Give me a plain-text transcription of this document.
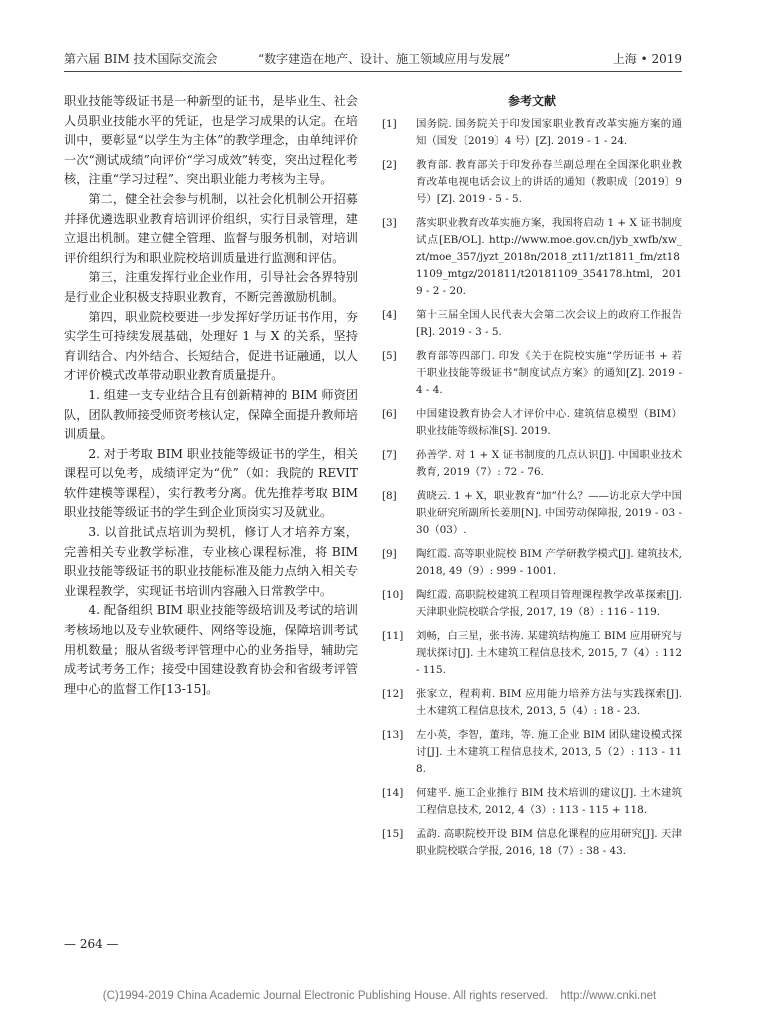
第六届 BIM 技术国际交流会	“数字建造在地产、设计、施工领域应用与发展”	上海 • 2019

职业技能等级证书是一种新型的证书，是毕业生、社会人员职业技能水平的凭证，也是学习成果的认定。在培训中，要彰显“以学生为主体”的教学理念，由单纯评价一次“测试成绩”向评价“学习成效”转变，突出过程化考核，注重“学习过程”、突出职业能力考核为主导。

第二，健全社会参与机制，以社会化机制公开招募并择优遴选职业教育培训评价组织，实行目录管理，建立退出机制。建立健全管理、监督与服务机制，对培训评价组织行为和职业院校培训质量进行监测和评估。

第三，注重发挥行业企业作用，引导社会各界特别是行业企业积极支持职业教育，不断完善激励机制。

第四，职业院校要进一步发挥好学历证书作用，夯实学生可持续发展基础，处理好 1 与 X 的关系，坚持育训结合、内外结合、长短结合，促进书证融通，以人才评价模式改革带动职业教育质量提升。

1. 组建一支专业结合且有创新精神的 BIM 师资团队，团队教师接受师资考核认定，保障全面提升教师培训质量。

2. 对于考取 BIM 职业技能等级证书的学生，相关课程可以免考，成绩评定为“优”（如：我院的 REVIT 软件建模等课程），实行教考分离。优先推荐考取 BIM 职业技能等级证书的学生到企业顶岗实习及就业。

3. 以首批试点培训为契机，修订人才培养方案，完善相关专业教学标准，专业核心课程标准，将 BIM 职业技能等级证书的职业技能标准及能力点纳入相关专业课程教学，实现证书培训内容融入日常教学中。

4. 配备组织 BIM 职业技能等级培训及考试的培训考核场地以及专业软硬件、网络等设施，保障培训考试用机数量；服从省级考评管理中心的业务指导，辅助完成考试考务工作；接受中国建设教育协会和省级考评管理中心的监督工作[13-15]。

参考文献
[1] 国务院. 国务院关于印发国家职业教育改革实施方案的通知（国发〔2019〕4 号）[Z]. 2019 - 1 - 24.
[2] 教育部. 教育部关于印发孙春兰副总理在全国深化职业教育改革电视电话会议上的讲话的通知（教职成〔2019〕9 号）[Z]. 2019 - 5 - 5.
[3] 落实职业教育改革实施方案，我国将启动 1 + X 证书制度试点[EB/OL]. http://www.moe.gov.cn/jyb_xwfb/xw_zt/moe_357/jyzt_2018n/2018_zt11/zt1811_fm/zt181109_mtgz/201811/t20181109_354178.html, 2019 - 2 - 20.
[4] 第十三届全国人民代表大会第二次会议上的政府工作报告[R]. 2019 - 3 - 5.
[5] 教育部等四部门. 印发《关于在院校实施“学历证书 + 若干职业技能等级证书”制度试点方案》的通知[Z]. 2019 - 4 - 4.
[6] 中国建设教育协会人才评价中心. 建筑信息模型（BIM）职业技能等级标准[S]. 2019.
[7] 孙善学. 对 1 + X 证书制度的几点认识[J]. 中国职业技术教育, 2019（7）: 72 - 76.
[8] 黄晓云. 1 + X，职业教育“加”什么？——访北京大学中国职业研究所副所长姜朋[N]. 中国劳动保障报, 2019 - 03 - 30（03）.
[9] 陶红霞. 高等职业院校 BIM 产学研教学模式[J]. 建筑技术, 2018, 49（9）: 999 - 1001.
[10] 陶红霞. 高职院校建筑工程项目管理课程教学改革探索[J]. 天津职业院校联合学报, 2017, 19（8）: 116 - 119.
[11] 刘畅，白三星，张书涛. 某建筑结构施工 BIM 应用研究与现状探讨[J]. 土木建筑工程信息技术, 2015, 7（4）: 112 - 115.
[12] 张家立，程莉莉. BIM 应用能力培养方法与实践探索[J]. 土木建筑工程信息技术, 2013, 5（4）: 18 - 23.
[13] 左小英，李智，董玮，等. 施工企业 BIM 团队建设模式探讨[J]. 土木建筑工程信息技术, 2013, 5（2）: 113 - 118.
[14] 何建平. 施工企业推行 BIM 技术培训的建议[J]. 土木建筑工程信息技术, 2012, 4（3）: 113 - 115 + 118.
[15] 孟韵. 高职院校开设 BIM 信息化课程的应用研究[J]. 天津职业院校联合学报, 2016, 18（7）: 38 - 43.
— 264 —
(C)1994-2019 China Academic Journal Electronic Publishing House. All rights reserved. http://www.cnki.net
